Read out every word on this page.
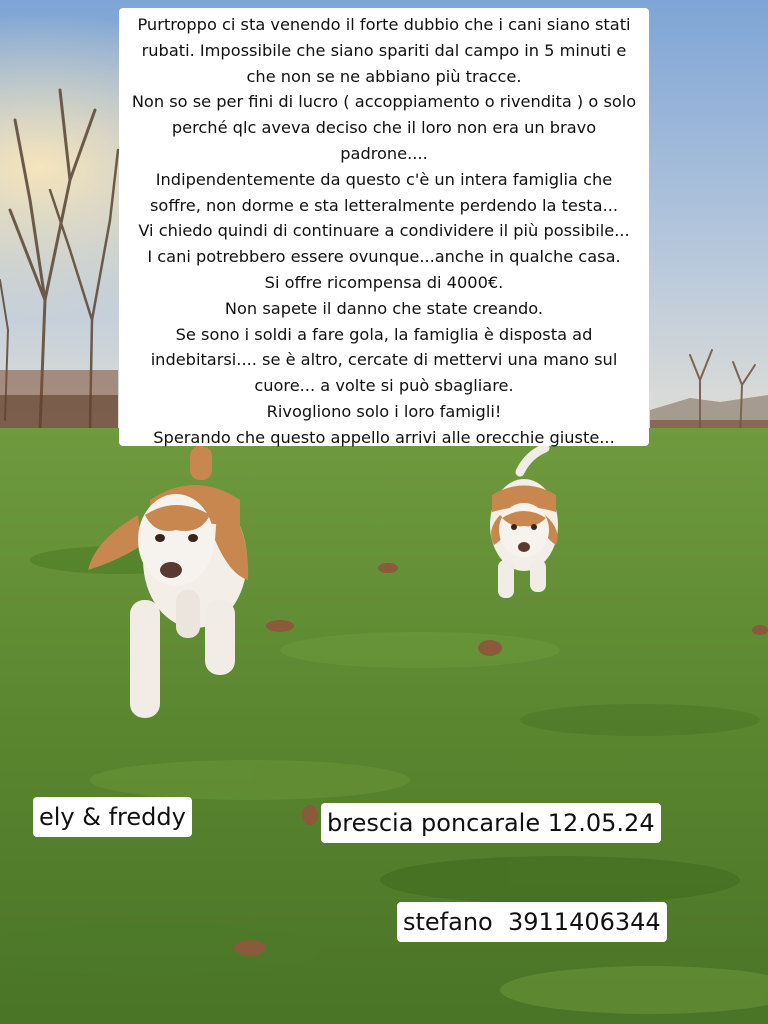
Purtroppo ci sta venendo il forte dubbio che i cani siano stati
rubati. Impossibile che siano spariti dal campo in 5 minuti e
che non se ne abbiano più tracce.
Non so se per fini di lucro ( accoppiamento o rivendita ) o solo
perché qlc aveva deciso che il loro non era un bravo
padrone....
Indipendentemente da questo c'è un intera famiglia che
soffre, non dorme e sta letteralmente perdendo la testa...
Vi chiedo quindi di continuare a condividere il più possibile...
I cani potrebbero essere ovunque...anche in qualche casa.
Si offre ricompensa di 4000€.
Non sapete il danno che state creando.
Se sono i soldi a fare gola, la famiglia è disposta ad
indebitarsi.... se è altro, cercate di mettervi una mano sul
cuore... a volte si può sbagliare.
Rivogliono solo i loro famigli!
Sperando che questo appello arrivi alle orecchie giuste...
ely & freddy	brescia poncarale 12.05.24
stefano  3911406344
